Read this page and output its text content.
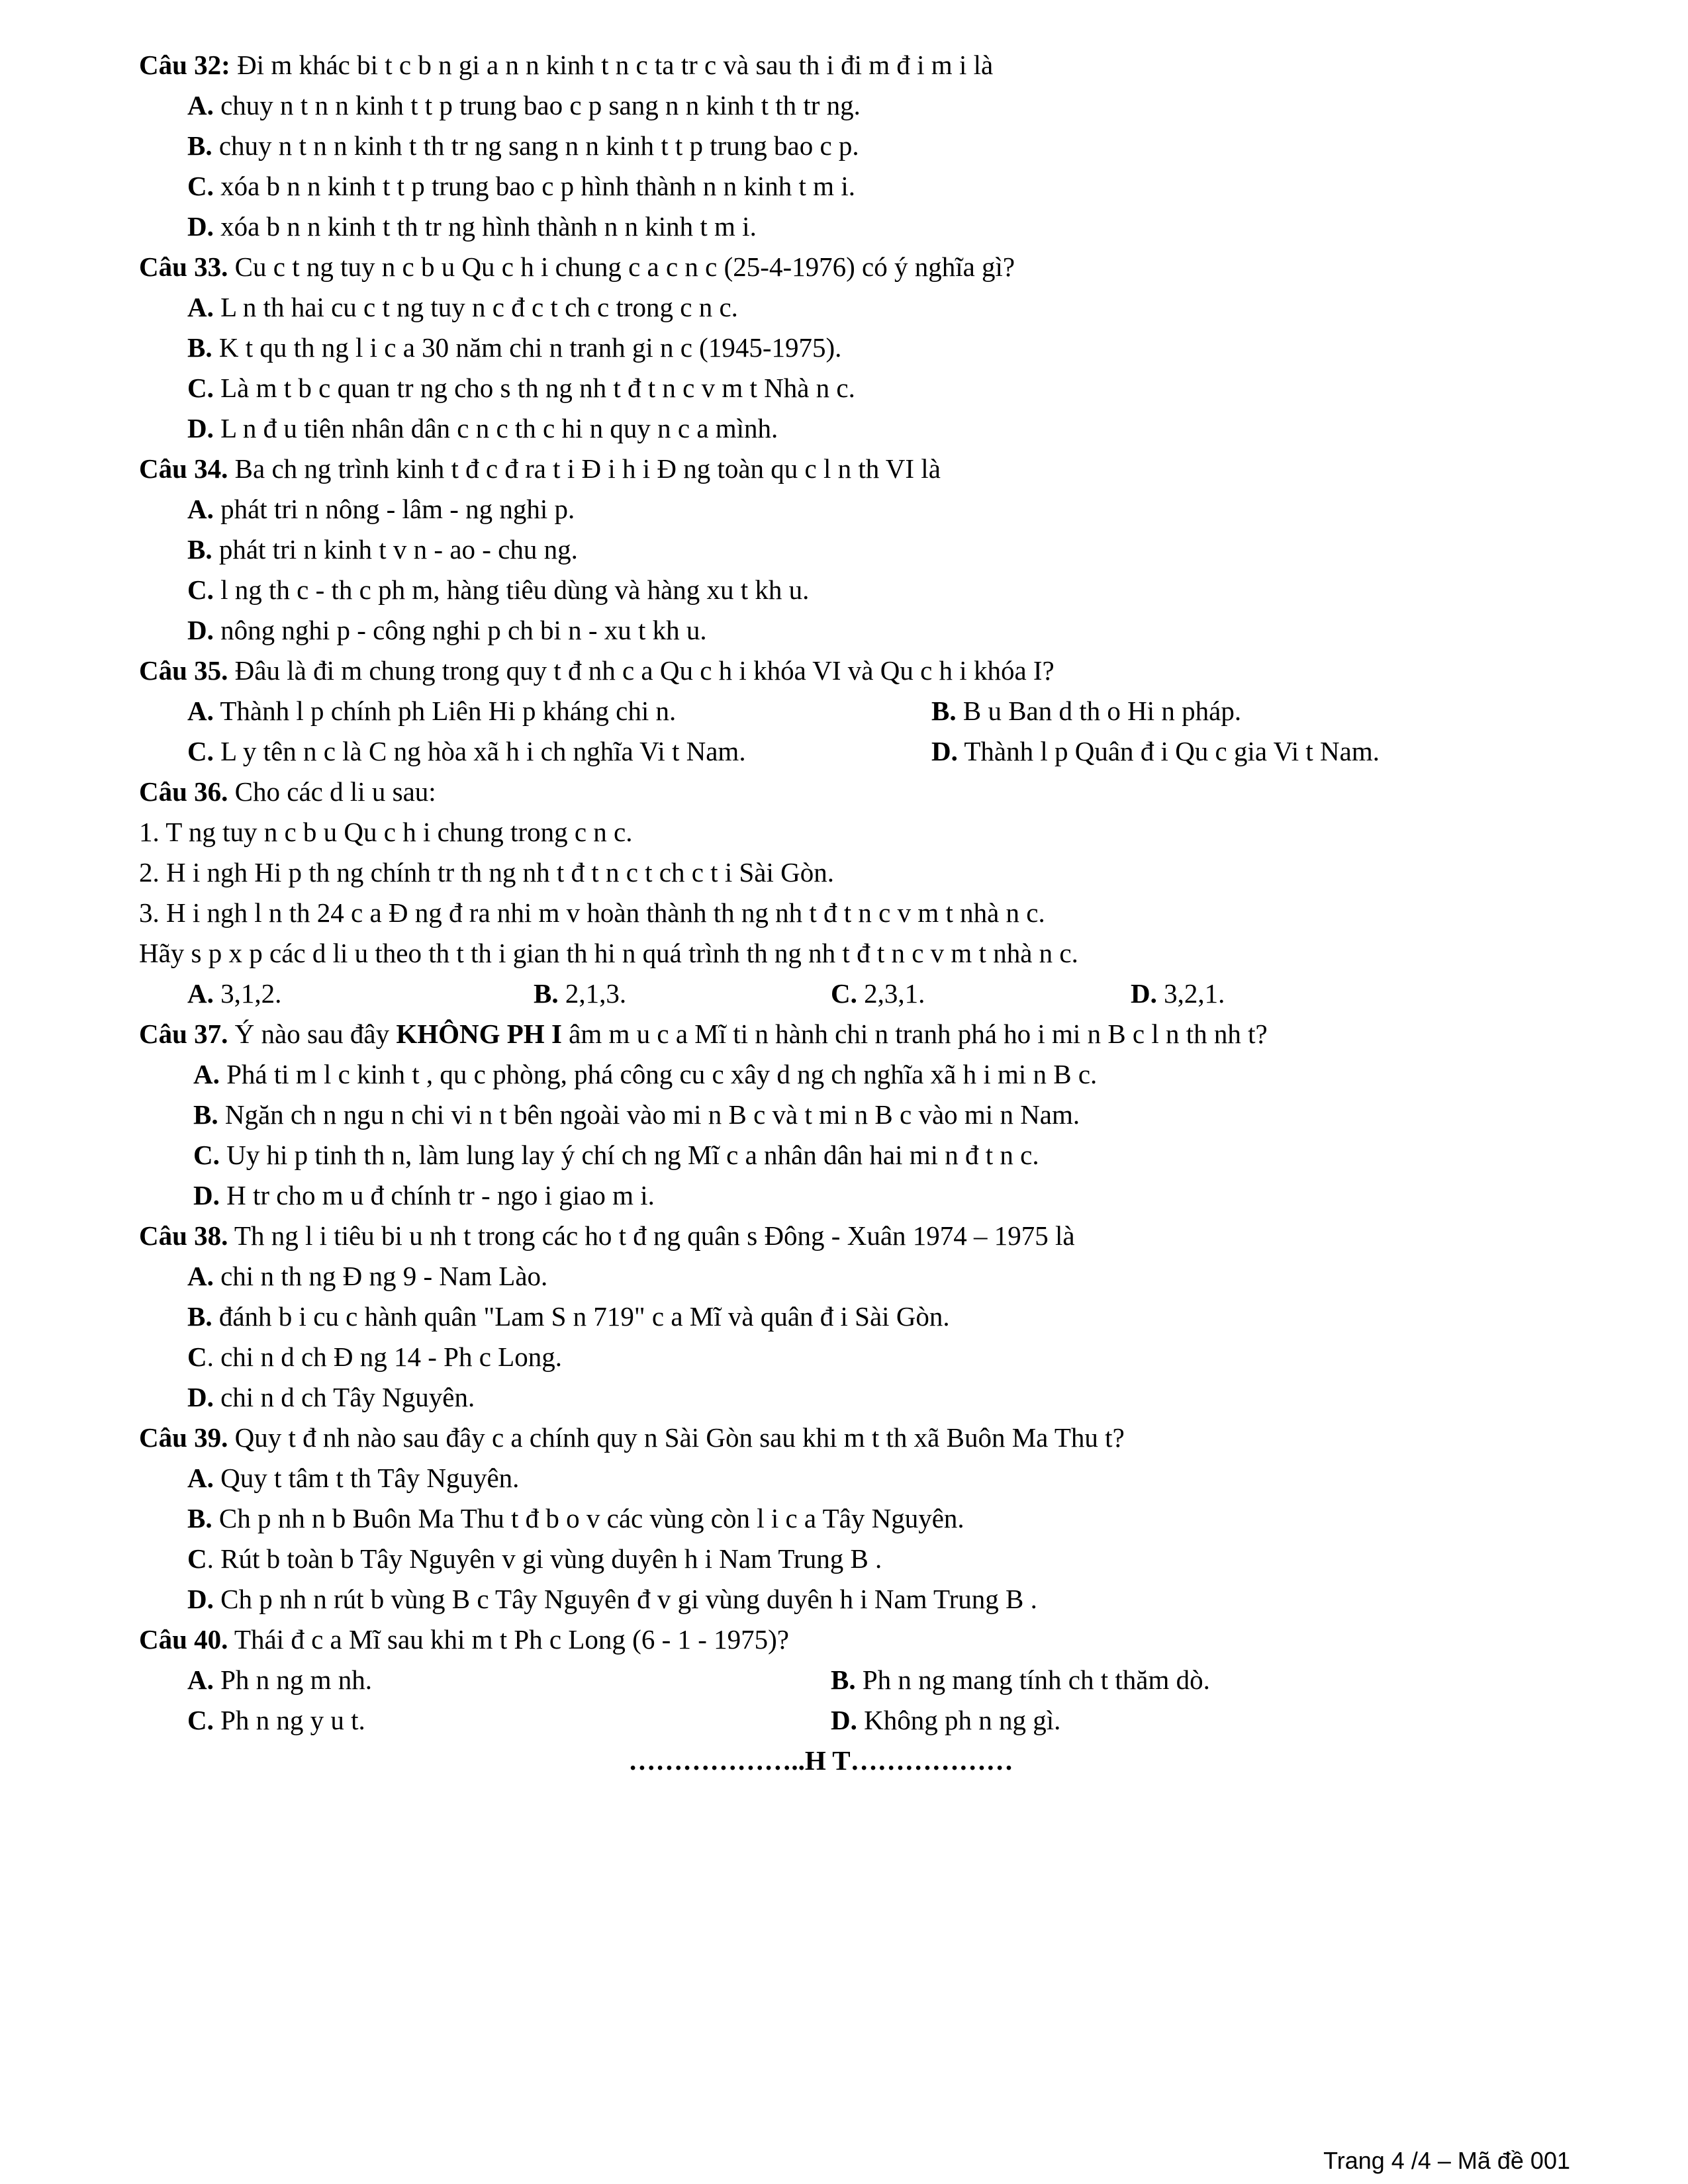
Câu 32: Đi m khác bi t c b n gi a n n kinh t n c ta tr c và sau th i đi m đ i m i là
A. chuy n t n n kinh t t p trung bao c p sang n n kinh t th tr ng.
B. chuy n t n n kinh t th tr ng sang n n kinh t t p trung bao c p.
C. xóa b n n kinh t t p trung bao c p hình thành n n kinh t m i.
D. xóa b n n kinh t th tr ng hình thành n n kinh t m i.
Câu 33. Cu c t ng tuy n c b u Qu c h i chung c a c n c (25-4-1976) có ý nghĩa gì?
A. L n th hai cu c t ng tuy n c đ c t ch c trong c n c.
B. K t qu th ng l i c a 30 năm chi n tranh gi n c (1945-1975).
C. Là m t b c quan tr ng cho s th ng nh t đ t n c v m t Nhà n c.
D. L n đ u tiên nhân dân c n c th c hi n quy n c a mình.
Câu 34. Ba ch ng trình kinh t đ c đ ra t i Đ i h i Đ ng toàn qu c l n th VI là
A. phát tri n nông - lâm - ng nghi p.
B. phát tri n kinh t v n - ao - chu ng.
C. l ng th c - th c ph m, hàng tiêu dùng và hàng xu t kh u.
D. nông nghi p - công nghi p ch bi n - xu t kh u.
Câu 35. Đâu là đi m chung trong quy t đ nh c a Qu c h i khóa VI và Qu c h i khóa I?

A. Thành l p chính ph Liên Hi p kháng chi n.

	B. B u Ban d th o Hi n pháp.

C. L y tên n c là C ng hòa xã h i ch nghĩa Vi t Nam.

	D. Thành l p Quân đ i Qu c gia Vi t Nam.

Câu 36. Cho các d li u sau:
1. T ng tuy n c b u Qu c h i chung trong c n c.
2. H i ngh Hi p th ng chính tr th ng nh t đ t n c t ch c t i Sài Gòn.
3. H i ngh l n th 24 c a Đ ng đ ra nhi m v hoàn thành th ng nh t đ t n c v m t nhà n c.
Hãy s p x p các d li u theo th t th i gian th hi n quá trình th ng nh t đ t n c v m t nhà n c.

A. 3,1,2.

	B. 2,1,3.

	C. 2,3,1.

	D. 3,2,1.

Câu 37. Ý nào sau đây KHÔNG PH I âm m u c a Mĩ ti n hành chi n tranh phá ho i mi n B c l n th nh t?
A. Phá ti m l c kinh t , qu c phòng, phá công cu c xây d ng ch nghĩa xã h i mi n B c.
B. Ngăn ch n ngu n chi vi n t bên ngoài vào mi n B c và t mi n B c vào mi n Nam.
C. Uy hi p tinh th n, làm lung lay ý chí ch ng Mĩ c a nhân dân hai mi n đ t n c.
D. H tr cho m u đ chính tr - ngo i giao m i.
Câu 38. Th ng l i tiêu bi u nh t trong các ho t đ ng quân s Đông - Xuân 1974 – 1975 là
A. chi n th ng Đ ng 9 - Nam Lào.
B. đánh b i cu c hành quân "Lam S n 719" c a Mĩ và quân đ i Sài Gòn.
C. chi n d ch Đ ng 14 - Ph c Long.
D. chi n d ch Tây Nguyên.
Câu 39. Quy t đ nh nào sau đây c a chính quy n Sài Gòn sau khi m t th xã Buôn Ma Thu t?
A. Quy t tâm t th Tây Nguyên.
B. Ch p nh n b Buôn Ma Thu t đ b o v các vùng còn l i c a Tây Nguyên.
C. Rút b toàn b Tây Nguyên v gi vùng duyên h i Nam Trung B .
D. Ch p nh n rút b vùng B c Tây Nguyên đ v gi vùng duyên h i Nam Trung B .
Câu 40. Thái đ c a Mĩ sau khi m t Ph c Long (6 - 1 - 1975)?

A. Ph n ng m nh.

	B. Ph n ng mang tính ch t thăm dò.

C. Ph n ng y u t.

	D. Không ph n ng gì.

………………..H T………………
Trang 4 /4 – Mã đề 001
